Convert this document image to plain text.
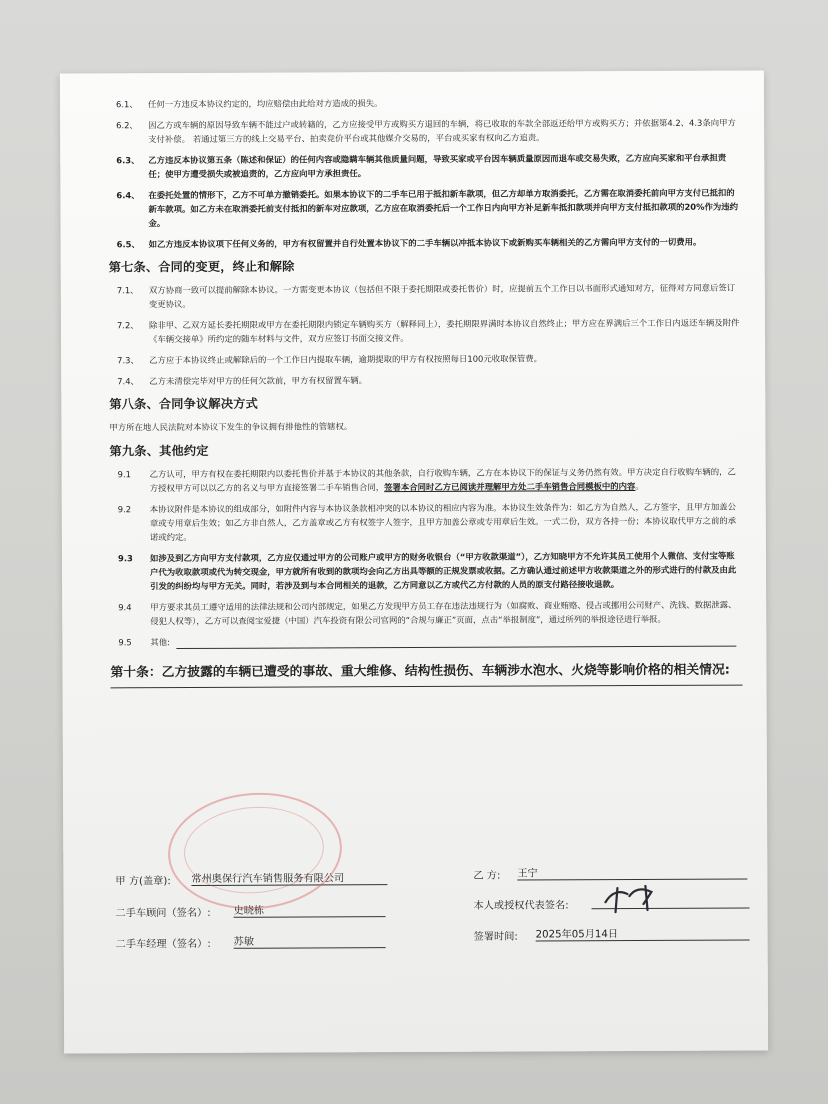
6.1、 任何一方违反本协议约定的，均应赔偿由此给对方造成的损失。
6.2、 因乙方或车辆的原因导致车辆不能过户或转籍的，乙方应接受甲方或购买方退回的车辆，将已收取的车款全部返还给甲方或购买方；并依据第4.2、4.3条向甲方支付补偿。 若通过第三方的线上交易平台、拍卖竞价平台或其他媒介交易的，平台或买家有权向乙方追责。
6.3、 乙方违反本协议第五条（陈述和保证）的任何内容或隐瞒车辆其他质量问题，导致买家或平台因车辆质量原因而退车或交易失败，乙方应向买家和平台承担责任；使甲方遭受损失或被追责的，乙方应向甲方承担责任。
6.4、 在委托处置的情形下，乙方不可单方撤销委托。如果本协议下的二手车已用于抵扣新车款项，但乙方却单方取消委托，乙方需在取消委托前向甲方支付已抵扣的新车款项。如乙方未在取消委托前支付抵扣的新车对应款项，乙方应在取消委托后一个工作日内向甲方补足新车抵扣款项并向甲方支付抵扣款项的20%作为违约金。
6.5、 如乙方违反本协议项下任何义务的，甲方有权留置并自行处置本协议下的二手车辆以冲抵本协议下或新购买车辆相关的乙方需向甲方支付的一切费用。
第七条、合同的变更，终止和解除
7.1、 双方协商一致可以提前解除本协议。一方需变更本协议（包括但不限于委托期限或委托售价）时，应提前五个工作日以书面形式通知对方，征得对方同意后签订变更协议。
7.2、 除非甲、乙双方延长委托期限或甲方在委托期限内锁定车辆购买方（解释同上），委托期限界满时本协议自然终止；甲方应在界满后三个工作日内返还车辆及附件《车辆交接单》所约定的随车材料与文件，双方应签订书面交接文件。
7.3、 乙方应于本协议终止或解除后的一个工作日内提取车辆，逾期提取的甲方有权按照每日100元收取保管费。
7.4、 乙方未清偿完毕对甲方的任何欠款前，甲方有权留置车辆。
第八条、合同争议解决方式

甲方所在地人民法院对本协议下发生的争议拥有排他性的管辖权。

第九条、其他约定
9.1 乙方认可，甲方有权在委托期限内以委托售价并基于本协议的其他条款，自行收购车辆，乙方在本协议下的保证与义务仍然有效。甲方决定自行收购车辆的，乙方授权甲方可以以乙方的名义与甲方直接签署二手车销售合同，签署本合同时乙方已阅读并理解甲方处二手车销售合同模板中的内容。
9.2 本协议附件是本协议的组成部分，如附件内容与本协议条款相冲突的以本协议的相应内容为准。本协议生效条件为：如乙方为自然人，乙方签字，且甲方加盖公章或专用章后生效；如乙方非自然人，乙方盖章或乙方有权签字人签字，且甲方加盖公章或专用章后生效。一式二份，双方各持一份；本协议取代甲方之前的承诺或约定。
9.3 如涉及到乙方向甲方支付款项，乙方应仅通过甲方的公司账户或甲方的财务收银台（“甲方收款渠道”），乙方知晓甲方不允许其员工使用个人微信、支付宝等账户代为收取款项或代为转交现金，甲方就所有收到的款项均会向乙方出具等额的正规发票或收据。乙方确认通过前述甲方收款渠道之外的形式进行的付款及由此引发的纠纷均与甲方无关。同时，若涉及到与本合同相关的退款，乙方同意以乙方或代乙方付款的人员的原支付路径接收退款。
9.4 甲方要求其员工遵守适用的法律法规和公司内部规定，如果乙方发现甲方员工存在违法违规行为（如腐败、商业贿赂、侵占或挪用公司财产、洗钱、数据泄露、侵犯人权等），乙方可以查阅宝爱捷（中国）汽车投资有限公司官网的“合规与廉正”页面，点击“举报制度”，通过所列的举报途径进行举报。
9.5 其他:
第十条：乙方披露的车辆已遭受的事故、重大维修、结构性损伤、车辆涉水泡水、火烧等影响价格的相关情况:
甲 方(盖章): 常州奥保行汽车销售服务有限公司
二手车顾问（签名）: 史晓栋
二手车经理（签名）: 苏敏
乙 方: 王宁
本人或授权代表签名:
签署时间: 2025年05月14日
